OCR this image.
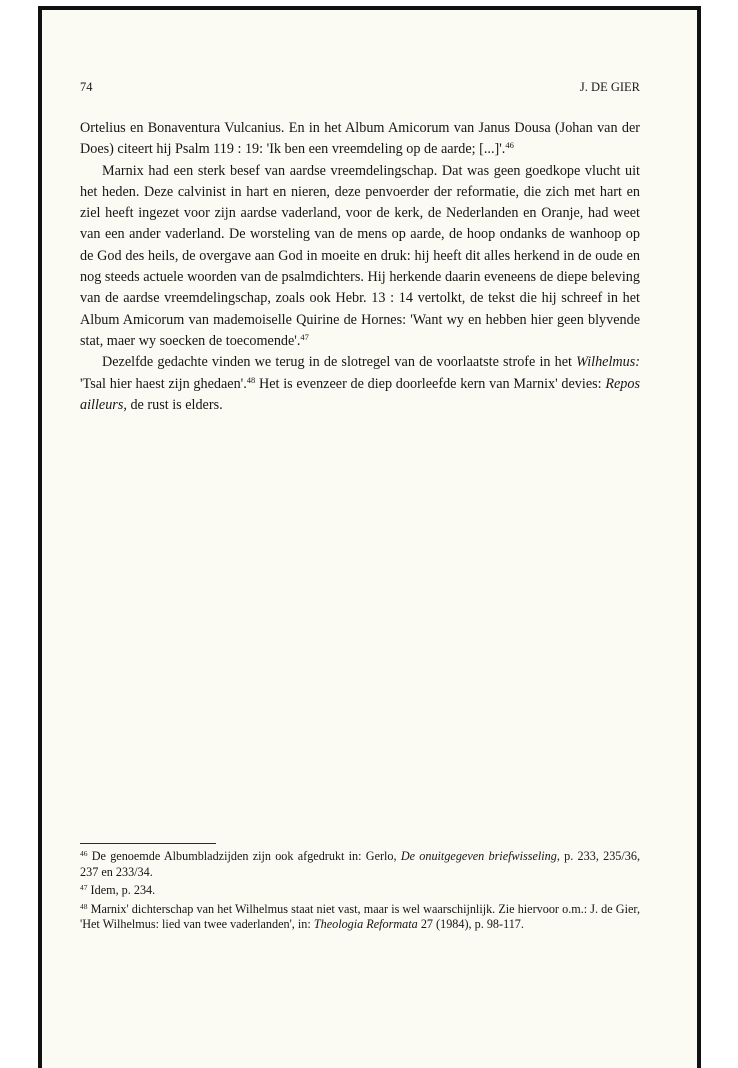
74	J. DE GIER

Ortelius en Bonaventura Vulcanius. En in het Album Amicorum van Janus Dousa (Johan van der Does) citeert hij Psalm 119 : 19: 'Ik ben een vreemdeling op de aarde; [...]'.$^{46}$

Marnix had een sterk besef van aardse vreemdelingschap. Dat was geen goedkope vlucht uit het heden. Deze calvinist in hart en nieren, deze penvoerder der reformatie, die zich met hart en ziel heeft ingezet voor zijn aardse vaderland, voor de kerk, de Nederlanden en Oranje, had weet van een ander vaderland. De worsteling van de mens op aarde, de hoop ondanks de wanhoop op de God des heils, de overgave aan God in moeite en druk: hij heeft dit alles herkend in de oude en nog steeds actuele woorden van de psalmdichters. Hij herkende daarin eveneens de diepe beleving van de aardse vreemdelingschap, zoals ook Hebr. 13 : 14 vertolkt, de tekst die hij schreef in het Album Amicorum van mademoiselle Quirine de Hornes: 'Want wy en hebben hier geen blyvende stat, maer wy soecken de toecomende'.$^{47}$

Dezelfde gedachte vinden we terug in de slotregel van de voorlaatste strofe in het Wilhelmus: 'Tsal hier haest zijn ghedaen'.$^{48}$ Het is evenzeer de diep doorleefde kern van Marnix' devies: Repos ailleurs, de rust is elders.

$^{46}$ De genoemde Albumbladzijden zijn ook afgedrukt in: Gerlo, De onuitgegeven briefwisseling, p. 233, 235/36, 237 en 233/34.

$^{47}$ Idem, p. 234.

$^{48}$ Marnix' dichterschap van het Wilhelmus staat niet vast, maar is wel waarschijnlijk. Zie hiervoor o.m.: J. de Gier, 'Het Wilhelmus: lied van twee vaderlanden', in: Theologia Reformata 27 (1984), p. 98-117.
